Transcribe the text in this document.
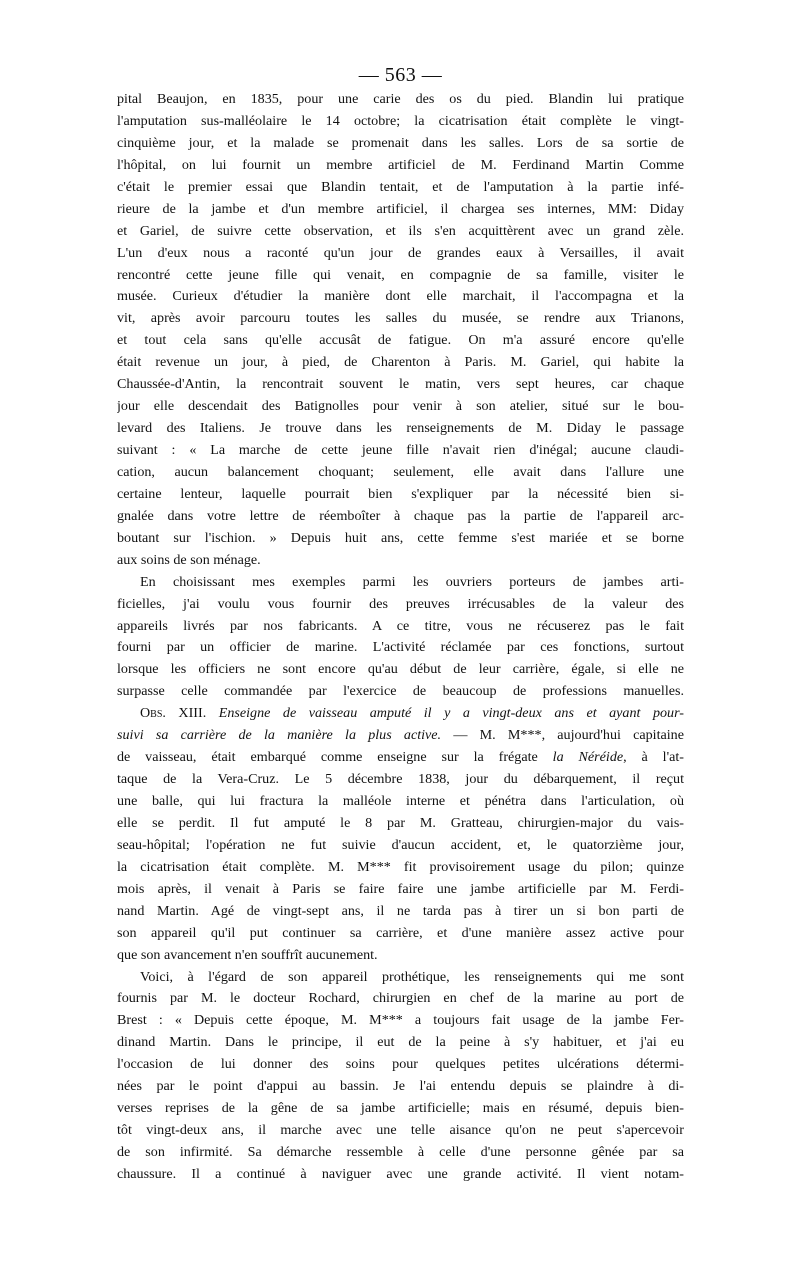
— 563 —
pital Beaujon, en 1835, pour une carie des os du pied. Blandin lui pratique
l'amputation sus-malléolaire le 14 octobre; la cicatrisation était complète le vingt-
cinquième jour, et la malade se promenait dans les salles. Lors de sa sortie de
l'hôpital, on lui fournit un membre artificiel de M. Ferdinand Martin Comme
c'était le premier essai que Blandin tentait, et de l'amputation à la partie infé-
rieure de la jambe et d'un membre artificiel, il chargea ses internes, MM: Diday
et Gariel, de suivre cette observation, et ils s'en acquittèrent avec un grand zèle.
L'un d'eux nous a raconté qu'un jour de grandes eaux à Versailles, il avait
rencontré cette jeune fille qui venait, en compagnie de sa famille, visiter le
musée. Curieux d'étudier la manière dont elle marchait, il l'accompagna et la
vit, après avoir parcouru toutes les salles du musée, se rendre aux Trianons,
et tout cela sans qu'elle accusât de fatigue. On m'a assuré encore qu'elle
était revenue un jour, à pied, de Charenton à Paris. M. Gariel, qui habite la
Chaussée-d'Antin, la rencontrait souvent le matin, vers sept heures, car chaque
jour elle descendait des Batignolles pour venir à son atelier, situé sur le bou-
levard des Italiens. Je trouve dans les renseignements de M. Diday le passage
suivant : « La marche de cette jeune fille n'avait rien d'inégal; aucune claudi-
cation, aucun balancement choquant; seulement, elle avait dans l'allure une
certaine lenteur, laquelle pourrait bien s'expliquer par la nécessité bien si-
gnalée dans votre lettre de réemboîter à chaque pas la partie de l'appareil arc-
boutant sur l'ischion. » Depuis huit ans, cette femme s'est mariée et se borne
aux soins de son ménage.
En choisissant mes exemples parmi les ouvriers porteurs de jambes arti-
ficielles, j'ai voulu vous fournir des preuves irrécusables de la valeur des
appareils livrés par nos fabricants. A ce titre, vous ne récuserez pas le fait
fourni par un officier de marine. L'activité réclamée par ces fonctions, surtout
lorsque les officiers ne sont encore qu'au début de leur carrière, égale, si elle ne
surpasse celle commandée par l'exercice de beaucoup de professions manuelles.
Obs. XIII. Enseigne de vaisseau amputé il y a vingt-deux ans et ayant pour-
suivi sa carrière de la manière la plus active. — M. M***, aujourd'hui capitaine
de vaisseau, était embarqué comme enseigne sur la frégate la Néréide, à l'at-
taque de la Vera-Cruz. Le 5 décembre 1838, jour du débarquement, il reçut
une balle, qui lui fractura la malléole interne et pénétra dans l'articulation, où
elle se perdit. Il fut amputé le 8 par M. Gratteau, chirurgien-major du vais-
seau-hôpital; l'opération ne fut suivie d'aucun accident, et, le quatorzième jour,
la cicatrisation était complète. M. M*** fit provisoirement usage du pilon; quinze
mois après, il venait à Paris se faire faire une jambe artificielle par M. Ferdi-
nand Martin. Agé de vingt-sept ans, il ne tarda pas à tirer un si bon parti de
son appareil qu'il put continuer sa carrière, et d'une manière assez active pour
que son avancement n'en souffrît aucunement.
Voici, à l'égard de son appareil prothétique, les renseignements qui me sont
fournis par M. le docteur Rochard, chirurgien en chef de la marine au port de
Brest : « Depuis cette époque, M. M*** a toujours fait usage de la jambe Fer-
dinand Martin. Dans le principe, il eut de la peine à s'y habituer, et j'ai eu
l'occasion de lui donner des soins pour quelques petites ulcérations détermi-
nées par le point d'appui au bassin. Je l'ai entendu depuis se plaindre à di-
verses reprises de la gêne de sa jambe artificielle; mais en résumé, depuis bien-
tôt vingt-deux ans, il marche avec une telle aisance qu'on ne peut s'apercevoir
de son infirmité. Sa démarche ressemble à celle d'une personne gênée par sa
chaussure. Il a continué à naviguer avec une grande activité. Il vient notam-
